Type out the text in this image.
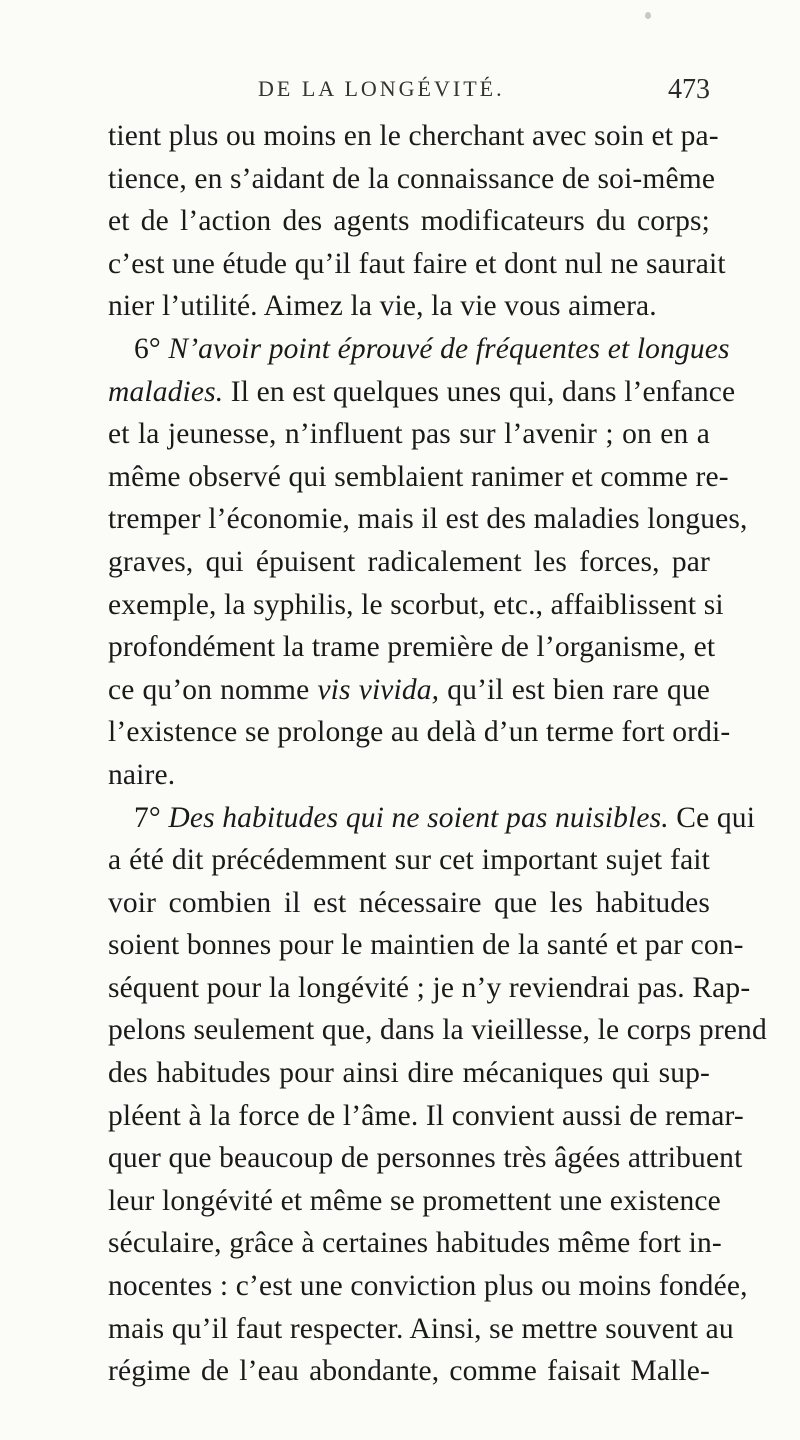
DE LA LONGÉVITÉ.	473
tient plus ou moins en le cherchant avec soin et pa-
tience, en s’aidant de la connaissance de soi-même
et de l’action des agents modificateurs du corps;
c’est une étude qu’il faut faire et dont nul ne saurait
nier l’utilité. Aimez la vie, la vie vous aimera.
6° N’avoir point éprouvé de fréquentes et longues
maladies. Il en est quelques unes qui, dans l’enfance
et la jeunesse, n’influent pas sur l’avenir ; on en a
même observé qui semblaient ranimer et comme re-
tremper l’économie, mais il est des maladies longues,
graves, qui épuisent radicalement les forces, par
exemple, la syphilis, le scorbut, etc., affaiblissent si
profondément la trame première de l’organisme, et
ce qu’on nomme vis vivida, qu’il est bien rare que
l’existence se prolonge au delà d’un terme fort ordi-
naire.
7° Des habitudes qui ne soient pas nuisibles. Ce qui
a été dit précédemment sur cet important sujet fait
voir combien il est nécessaire que les habitudes
soient bonnes pour le maintien de la santé et par con-
séquent pour la longévité ; je n’y reviendrai pas. Rap-
pelons seulement que, dans la vieillesse, le corps prend
des habitudes pour ainsi dire mécaniques qui sup-
pléent à la force de l’âme. Il convient aussi de remar-
quer que beaucoup de personnes très âgées attribuent
leur longévité et même se promettent une existence
séculaire, grâce à certaines habitudes même fort in-
nocentes : c’est une conviction plus ou moins fondée,
mais qu’il faut respecter. Ainsi, se mettre souvent au
régime de l’eau abondante, comme faisait Malle-
